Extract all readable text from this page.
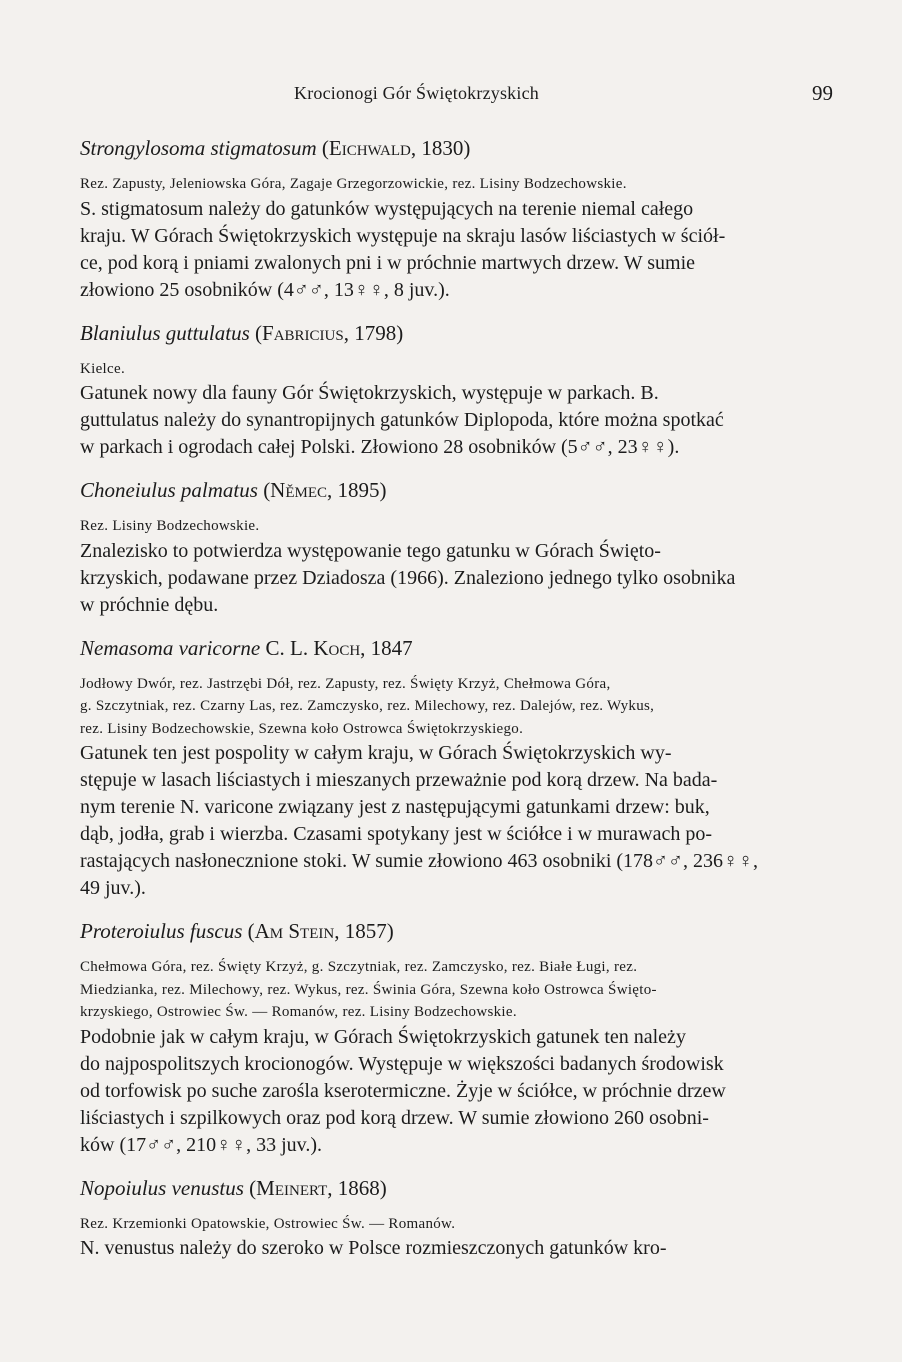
Krocionogi Gór Świętokrzyskich	99
Strongylosoma stigmatosum (Eichwald, 1830)
Rez. Zapusty, Jeleniowska Góra, Zagaje Grzegorzowickie, rez. Lisiny Bodzechowskie.
S. stigmatosum należy do gatunków występujących na terenie niemal całego
kraju. W Górach Świętokrzyskich występuje na skraju lasów liściastych w ściół-
ce, pod korą i pniami zwalonych pni i w próchnie martwych drzew. W sumie
złowiono 25 osobników (4♂♂, 13♀♀, 8 juv.).
Blaniulus guttulatus (Fabricius, 1798)
Kielce.
Gatunek nowy dla fauny Gór Świętokrzyskich, występuje w parkach. B.
guttulatus należy do synantropijnych gatunków Diplopoda, które można spotkać
w parkach i ogrodach całej Polski. Złowiono 28 osobników (5♂♂, 23♀♀).
Choneiulus palmatus (Němec, 1895)
Rez. Lisiny Bodzechowskie.
Znalezisko to potwierdza występowanie tego gatunku w Górach Święto-
krzyskich, podawane przez Dziadosza (1966). Znaleziono jednego tylko osobnika
w próchnie dębu.
Nemasoma varicorne C. L. Koch, 1847
Jodłowy Dwór, rez. Jastrzębi Dół, rez. Zapusty, rez. Święty Krzyż, Chełmowa Góra,
g. Szczytniak, rez. Czarny Las, rez. Zamczysko, rez. Milechowy, rez. Dalejów, rez. Wykus,
rez. Lisiny Bodzechowskie, Szewna koło Ostrowca Świętokrzyskiego.
Gatunek ten jest pospolity w całym kraju, w Górach Świętokrzyskich wy-
stępuje w lasach liściastych i mieszanych przeważnie pod korą drzew. Na bada-
nym terenie N. varicone związany jest z następującymi gatunkami drzew: buk,
dąb, jodła, grab i wierzba. Czasami spotykany jest w ściółce i w murawach po-
rastających nasłonecznione stoki. W sumie złowiono 463 osobniki (178♂♂, 236♀♀,
49 juv.).
Proteroiulus fuscus (Am Stein, 1857)
Chełmowa Góra, rez. Święty Krzyż, g. Szczytniak, rez. Zamczysko, rez. Białe Ługi, rez.
Miedzianka, rez. Milechowy, rez. Wykus, rez. Świnia Góra, Szewna koło Ostrowca Święto-
krzyskiego, Ostrowiec Św. — Romanów, rez. Lisiny Bodzechowskie.
Podobnie jak w całym kraju, w Górach Świętokrzyskich gatunek ten należy
do najpospolitszych krocionogów. Występuje w większości badanych środowisk
od torfowisk po suche zarośla kserotermiczne. Żyje w ściółce, w próchnie drzew
liściastych i szpilkowych oraz pod korą drzew. W sumie złowiono 260 osobni-
ków (17♂♂, 210♀♀, 33 juv.).
Nopoiulus venustus (Meinert, 1868)
Rez. Krzemionki Opatowskie, Ostrowiec Św. — Romanów.
N. venustus należy do szeroko w Polsce rozmieszczonych gatunków kro-
